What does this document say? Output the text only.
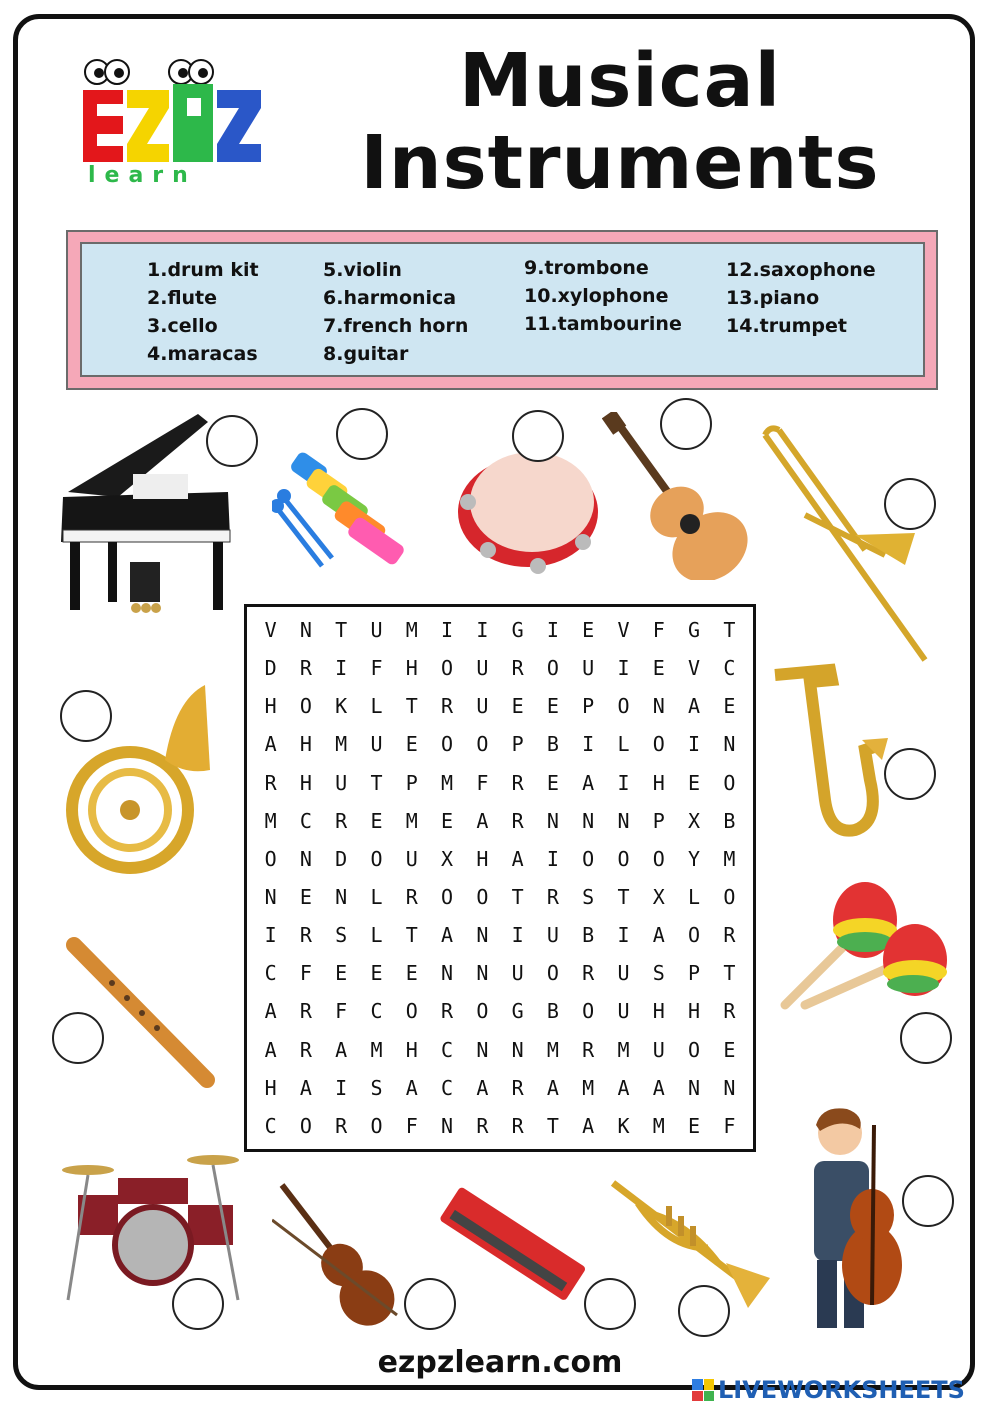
learn
Musical
Instruments
1.drum kit
2.flute
3.cello
4.maracas
5.violin
6.harmonica
7.french horn
8.guitar
9.trombone
10.xylophone
11.tambourine
12.saxophone
13.piano
14.trumpet
V	N	T	U	M	I	I	G	I	E	V	F	G	T
D	R	I	F	H	O	U	R	O	U	I	E	V	C
H	O	K	L	T	R	U	E	E	P	O	N	A	E
A	H	M	U	E	O	O	P	B	I	L	O	I	N
R	H	U	T	P	M	F	R	E	A	I	H	E	O
M	C	R	E	M	E	A	R	N	N	N	P	X	B
O	N	D	O	U	X	H	A	I	O	O	O	Y	M
N	E	N	L	R	O	O	T	R	S	T	X	L	O
I	R	S	L	T	A	N	I	U	B	I	A	O	R
C	F	E	E	E	N	N	U	O	R	U	S	P	T
A	R	F	C	O	R	O	G	B	O	U	H	H	R
A	R	A	M	H	C	N	N	M	R	M	U	O	E
H	A	I	S	A	C	A	R	A	M	A	A	N	N
C	O	R	O	F	N	R	R	T	A	K	M	E	F
ezpzlearn.com
LIVEWORKSHEETS
